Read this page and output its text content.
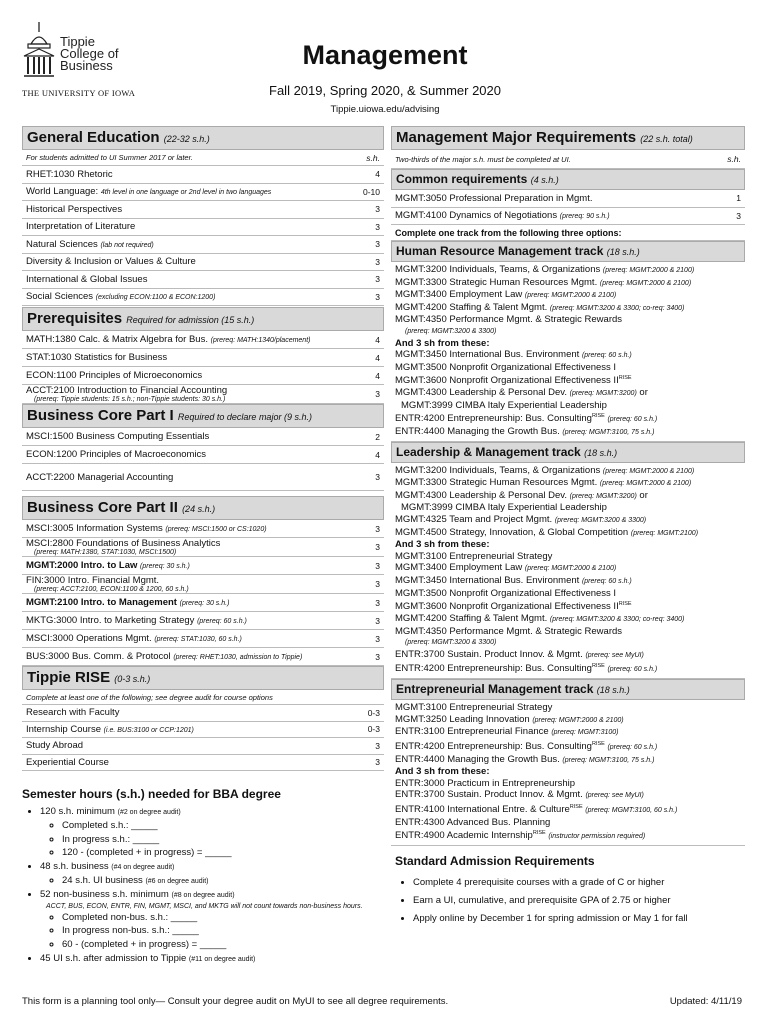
Tippie
College of
Business
THE UNIVERSITY OF IOWA
Management
Fall 2019, Spring 2020, & Summer 2020
Tippie.uiowa.edu/advising
General Education (22-32 s.h.)
For students admitted to UI Summer 2017 or later.	s.h.
RHET:1030 Rhetoric	4
World Language: 4th level in one language or 2nd level in two languages	0-10
Historical Perspectives	3
Interpretation of Literature	3
Natural Sciences (lab not required)	3
Diversity & Inclusion or Values & Culture	3
International & Global Issues	3
Social Sciences (excluding ECON:1100 & ECON:1200)	3
Prerequisites Required for admission (15 s.h.)
MATH:1380 Calc. & Matrix Algebra for Bus. (prereq: MATH:1340/placement)	4
STAT:1030 Statistics for Business	4
ECON:1100 Principles of Microeconomics	4
ACCT:2100 Introduction to Financial Accounting
(prereq: Tippie students: 15 s.h.; non-Tippie students: 30 s.h.)
3
Business Core Part I Required to declare major (9 s.h.)
MSCI:1500 Business Computing Essentials	2
ECON:1200 Principles of Macroeconomics	4
ACCT:2200 Managerial Accounting	3
Business Core Part II (24 s.h.)
MSCI:3005 Information Systems (prereq: MSCI:1500 or CS:1020)	3
MSCI:2800 Foundations of Business Analytics
(prereq: MATH:1380, STAT:1030, MSCI:1500)
3
MGMT:2000 Intro. to Law (prereq: 30 s.h.)	3
FIN:3000 Intro. Financial Mgmt.
(prereq: ACCT:2100, ECON:1100 & 1200, 60 s.h.)
3
MGMT:2100 Intro. to Management (prereq: 30 s.h.)	3
MKTG:3000 Intro. to Marketing Strategy (prereq: 60 s.h.)	3
MSCI:3000 Operations Mgmt. (prereq: STAT:1030, 60 s.h.)	3
BUS:3000 Bus. Comm. & Protocol (prereq: RHET:1030, admission to Tippie)	3
Tippie RISE (0-3 s.h.)
Complete at least one of the following; see degree audit for course options
Research with Faculty	0-3
Internship Course (i.e. BUS:3100 or CCP:1201)	0-3
Study Abroad	3
Experiential Course	3
Semester hours (s.h.) needed for BBA degree
• 120 s.h. minimum (#2 on degree audit)
◦ Completed s.h.: _____
◦ In progress s.h.: _____
◦ 120 - (completed + in progress) = _____
• 48 s.h. business (#4 on degree audit)
◦ 24 s.h. UI business (#6 on degree audit)
• 52 non-business s.h. minimum (#8 on degree audit)
ACCT, BUS, ECON, ENTR, FIN, MGMT, MSCI, and MKTG will not count towards non-business hours.
◦ Completed non-bus. s.h.: _____
◦ In progress non-bus. s.h.: _____
◦ 60 - (completed + in progress) = _____
• 45 UI s.h. after admission to Tippie (#11 on degree audit)
Management Major Requirements (22 s.h. total)
Two-thirds of the major s.h. must be completed at UI.	s.h.
Common requirements (4 s.h.)
MGMT:3050 Professional Preparation in Mgmt.	1
MGMT:4100 Dynamics of Negotiations (prereq: 90 s.h.)	3
Complete one track from the following three options:
Human Resource Management track (18 s.h.)
MGMT:3200 Individuals, Teams, & Organizations (prereq: MGMT:2000 & 2100)
MGMT:3300 Strategic Human Resources Mgmt. (prereq: MGMT:2000 & 2100)
MGMT:3400 Employment Law (prereq: MGMT:2000 & 2100)
MGMT:4200 Staffing & Talent Mgmt. (prereq: MGMT:3200 & 3300; co-req: 3400)
MGMT:4350 Performance Mgmt. & Strategic Rewards
(prereq: MGMT:3200 & 3300)
And 3 sh from these:
MGMT:3450 International Bus. Environment (prereq: 60 s.h.)
MGMT:3500 Nonprofit Organizational Effectiveness I
MGMT:3600 Nonprofit Organizational Effectiveness $II^{RISE}$
MGMT:4300 Leadership & Personal Dev. (prereq: MGMT:3200) or
MGMT:3999 CIMBA Italy Experiential Leadership
ENTR:4200 Entrepreneurship: Bus. Consulting$^{RISE}$ (prereq: 60 s.h.)
ENTR:4400 Managing the Growth Bus. (prereq: MGMT:3100, 75 s.h.)
Leadership & Management track (18 s.h.)
MGMT:3200 Individuals, Teams, & Organizations (prereq: MGMT:2000 & 2100)
MGMT:3300 Strategic Human Resources Mgmt. (prereq: MGMT:2000 & 2100)
MGMT:4300 Leadership & Personal Dev. (prereq: MGMT:3200) or
MGMT:3999 CIMBA Italy Experiential Leadership
MGMT:4325 Team and Project Mgmt. (prereq: MGMT:3200 & 3300)
MGMT:4500 Strategy, Innovation, & Global Competition (prereq: MGMT:2100)
And 3 sh from these:
MGMT:3100 Entrepreneurial Strategy
MGMT:3400 Employment Law (prereq: MGMT:2000 & 2100)
MGMT:3450 International Bus. Environment (prereq: 60 s.h.)
MGMT:3500 Nonprofit Organizational Effectiveness I
MGMT:3600 Nonprofit Organizational Effectiveness $II^{RISE}$
MGMT:4200 Staffing & Talent Mgmt. (prereq: MGMT:3200 & 3300; co-req: 3400)
MGMT:4350 Performance Mgmt. & Strategic Rewards
(prereq: MGMT:3200 & 3300)
ENTR:3700 Sustain. Product Innov. & Mgmt. (prereq: see MyUI)
ENTR:4200 Entrepreneurship: Bus. Consulting$^{RISE}$ (prereq: 60 s.h.)
Entrepreneurial Management track (18 s.h.)
MGMT:3100 Entrepreneurial Strategy
MGMT:3250 Leading Innovation (prereq: MGMT:2000 & 2100)
ENTR:3100 Entrepreneurial Finance (prereq: MGMT:3100)
ENTR:4200 Entrepreneurship: Bus. Consulting$^{RISE}$ (prereq: 60 s.h.)
ENTR:4400 Managing the Growth Bus. (prereq: MGMT:3100, 75 s.h.)
And 3 sh from these:
ENTR:3000 Practicum in Entrepreneurship
ENTR:3700 Sustain. Product Innov. & Mgmt. (prereq: see MyUI)
ENTR:4100 International Entre. & Culture$^{RISE}$ (prereq: MGMT:3100, 60 s.h.)
ENTR:4300 Advanced Bus. Planning
ENTR:4900 Academic Internship$^{RISE}$ (instructor permission required)
Standard Admission Requirements
• Complete 4 prerequisite courses with a grade of C or higher
• Earn a UI, cumulative, and prerequisite GPA of 2.75 or higher
• Apply online by December 1 for spring admission or May 1 for fall
This form is a planning tool only— Consult your degree audit on MyUI to see all degree requirements.	Updated: 4/11/19
